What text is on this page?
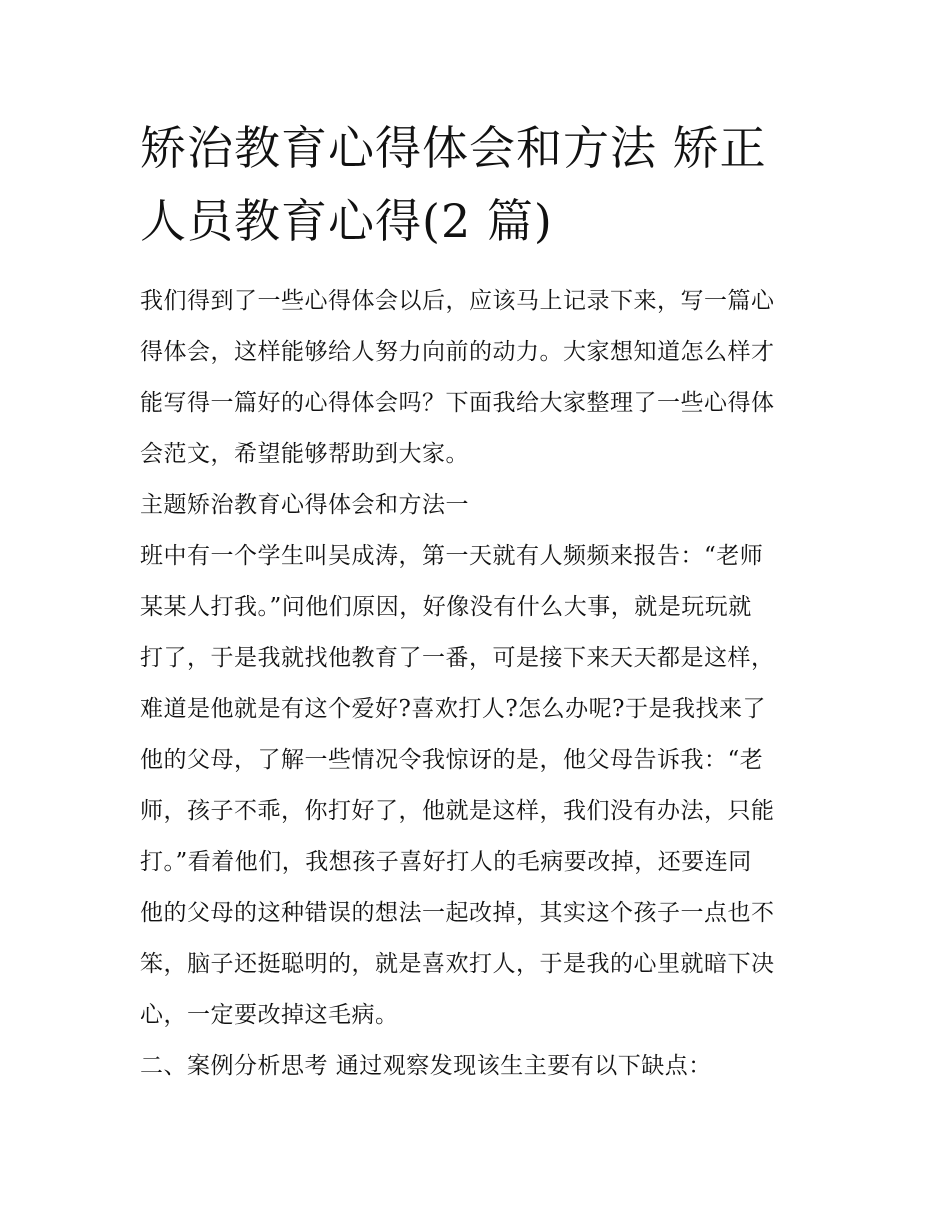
矫治教育心得体会和方法 矫正
人员教育心得(2 篇)
我们得到了一些心得体会以后，应该马上记录下来，写一篇心
得体会，这样能够给人努力向前的动力。大家想知道怎么样才
能写得一篇好的心得体会吗？下面我给大家整理了一些心得体
会范文，希望能够帮助到大家。
主题矫治教育心得体会和方法一
班中有一个学生叫吴成涛，第一天就有人频频来报告：“老师
某某人打我。”问他们原因，好像没有什么大事，就是玩玩就
打了，于是我就找他教育了一番，可是接下来天天都是这样，
难道是他就是有这个爱好?喜欢打人?怎么办呢?于是我找来了
他的父母，了解一些情况令我惊讶的是，他父母告诉我：“老
师，孩子不乖，你打好了，他就是这样，我们没有办法，只能
打。”看着他们，我想孩子喜好打人的毛病要改掉，还要连同
他的父母的这种错误的想法一起改掉，其实这个孩子一点也不
笨，脑子还挺聪明的，就是喜欢打人，于是我的心里就暗下决
心，一定要改掉这毛病。
二、案例分析思考 通过观察发现该生主要有以下缺点：
